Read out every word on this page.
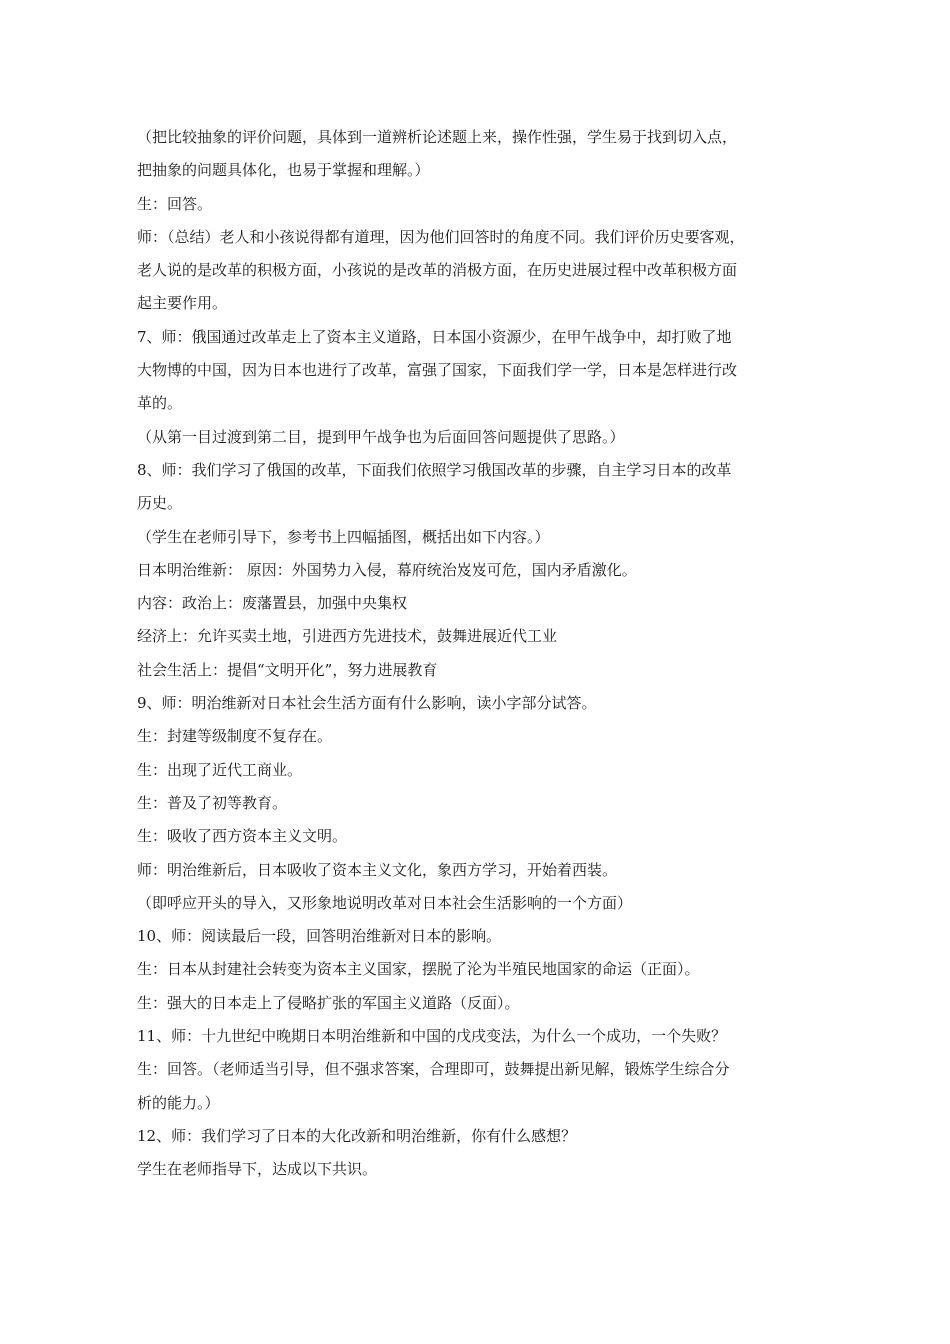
（把比较抽象的评价问题，具体到一道辨析论述题上来，操作性强，学生易于找到切入点，
把抽象的问题具体化，也易于掌握和理解。）
生：回答。
师：（总结）老人和小孩说得都有道理，因为他们回答时的角度不同。我们评价历史要客观，
老人说的是改革的积极方面，小孩说的是改革的消极方面，在历史进展过程中改革积极方面
起主要作用。
7、师：俄国通过改革走上了资本主义道路，日本国小资源少，在甲午战争中，却打败了地
大物博的中国，因为日本也进行了改革，富强了国家，下面我们学一学，日本是怎样进行改
革的。
（从第一目过渡到第二目，提到甲午战争也为后面回答问题提供了思路。）
8、师：我们学习了俄国的改革，下面我们依照学习俄国改革的步骤，自主学习日本的改革
历史。
（学生在老师引导下，参考书上四幅插图，概括出如下内容。）
日本明治维新： 原因：外国势力入侵，幕府统治岌岌可危，国内矛盾激化。
内容：政治上：废藩置县，加强中央集权
经济上：允许买卖土地，引进西方先进技术，鼓舞进展近代工业
社会生活上：提倡“文明开化”，努力进展教育
9、师：明治维新对日本社会生活方面有什么影响，读小字部分试答。
生：封建等级制度不复存在。
生：出现了近代工商业。
生：普及了初等教育。
生：吸收了西方资本主义文明。
师：明治维新后，日本吸收了资本主义文化，象西方学习，开始着西装。
（即呼应开头的导入，又形象地说明改革对日本社会生活影响的一个方面）
10、师：阅读最后一段，回答明治维新对日本的影响。
生：日本从封建社会转变为资本主义国家，摆脱了沦为半殖民地国家的命运（正面）。
生：强大的日本走上了侵略扩张的军国主义道路（反面）。
11、师：十九世纪中晚期日本明治维新和中国的戊戌变法，为什么一个成功，一个失败？
生：回答。（老师适当引导，但不强求答案，合理即可，鼓舞提出新见解，锻炼学生综合分
析的能力。）
12、师：我们学习了日本的大化改新和明治维新，你有什么感想？
学生在老师指导下，达成以下共识。
